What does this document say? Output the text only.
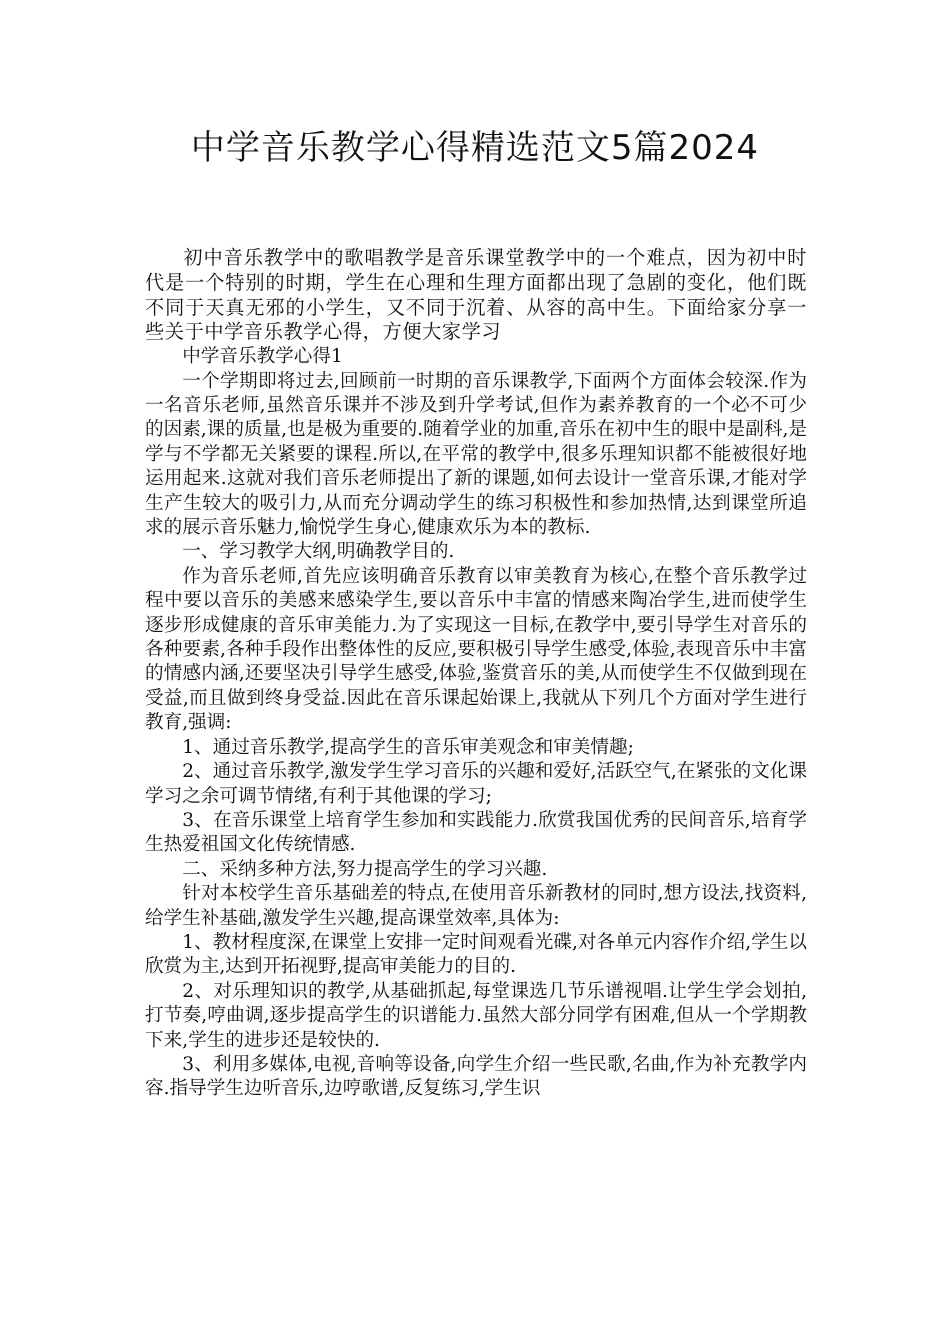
中学音乐教学心得精选范文5篇2024

初中音乐教学中的歌唱教学是音乐课堂教学中的一个难点，因为初中时代是一个特别的时期，学生在心理和生理方面都出现了急剧的变化，他们既不同于天真无邪的小学生，又不同于沉着、从容的高中生。下面给家分享一些关于中学音乐教学心得，方便大家学习

中学音乐教学心得1

一个学期即将过去,回顾前一时期的音乐课教学,下面两个方面体会较深.作为一名音乐老师,虽然音乐课并不涉及到升学考试,但作为素养教育的一个必不可少的因素,课的质量,也是极为重要的.随着学业的加重,音乐在初中生的眼中是副科,是学与不学都无关紧要的课程.所以,在平常的教学中,很多乐理知识都不能被很好地运用起来.这就对我们音乐老师提出了新的课题,如何去设计一堂音乐课,才能对学生产生较大的吸引力,从而充分调动学生的练习积极性和参加热情,达到课堂所追求的展示音乐魅力,愉悦学生身心,健康欢乐为本的教标.

一、学习教学大纲,明确教学目的.

作为音乐老师,首先应该明确音乐教育以审美教育为核心,在整个音乐教学过程中要以音乐的美感来感染学生,要以音乐中丰富的情感来陶冶学生,进而使学生逐步形成健康的音乐审美能力.为了实现这一目标,在教学中,要引导学生对音乐的各种要素,各种手段作出整体性的反应,要积极引导学生感受,体验,表现音乐中丰富的情感内涵,还要坚决引导学生感受,体验,鉴赏音乐的美,从而使学生不仅做到现在受益,而且做到终身受益.因此在音乐课起始课上,我就从下列几个方面对学生进行教育,强调:

1、通过音乐教学,提高学生的音乐审美观念和审美情趣;

2、通过音乐教学,激发学生学习音乐的兴趣和爱好,活跃空气,在紧张的文化课学习之余可调节情绪,有利于其他课的学习;

3、在音乐课堂上培育学生参加和实践能力.欣赏我国优秀的民间音乐,培育学生热爱祖国文化传统情感.

二、采纳多种方法,努力提高学生的学习兴趣.

针对本校学生音乐基础差的特点,在使用音乐新教材的同时,想方设法,找资料,给学生补基础,激发学生兴趣,提高课堂效率,具体为:

1、教材程度深,在课堂上安排一定时间观看光碟,对各单元内容作介绍,学生以欣赏为主,达到开拓视野,提高审美能力的目的.

2、对乐理知识的教学,从基础抓起,每堂课选几节乐谱视唱.让学生学会划拍,打节奏,哼曲调,逐步提高学生的识谱能力.虽然大部分同学有困难,但从一个学期教下来,学生的进步还是较快的.

3、利用多媒体,电视,音响等设备,向学生介绍一些民歌,名曲,作为补充教学内容.指导学生边听音乐,边哼歌谱,反复练习,学生识
